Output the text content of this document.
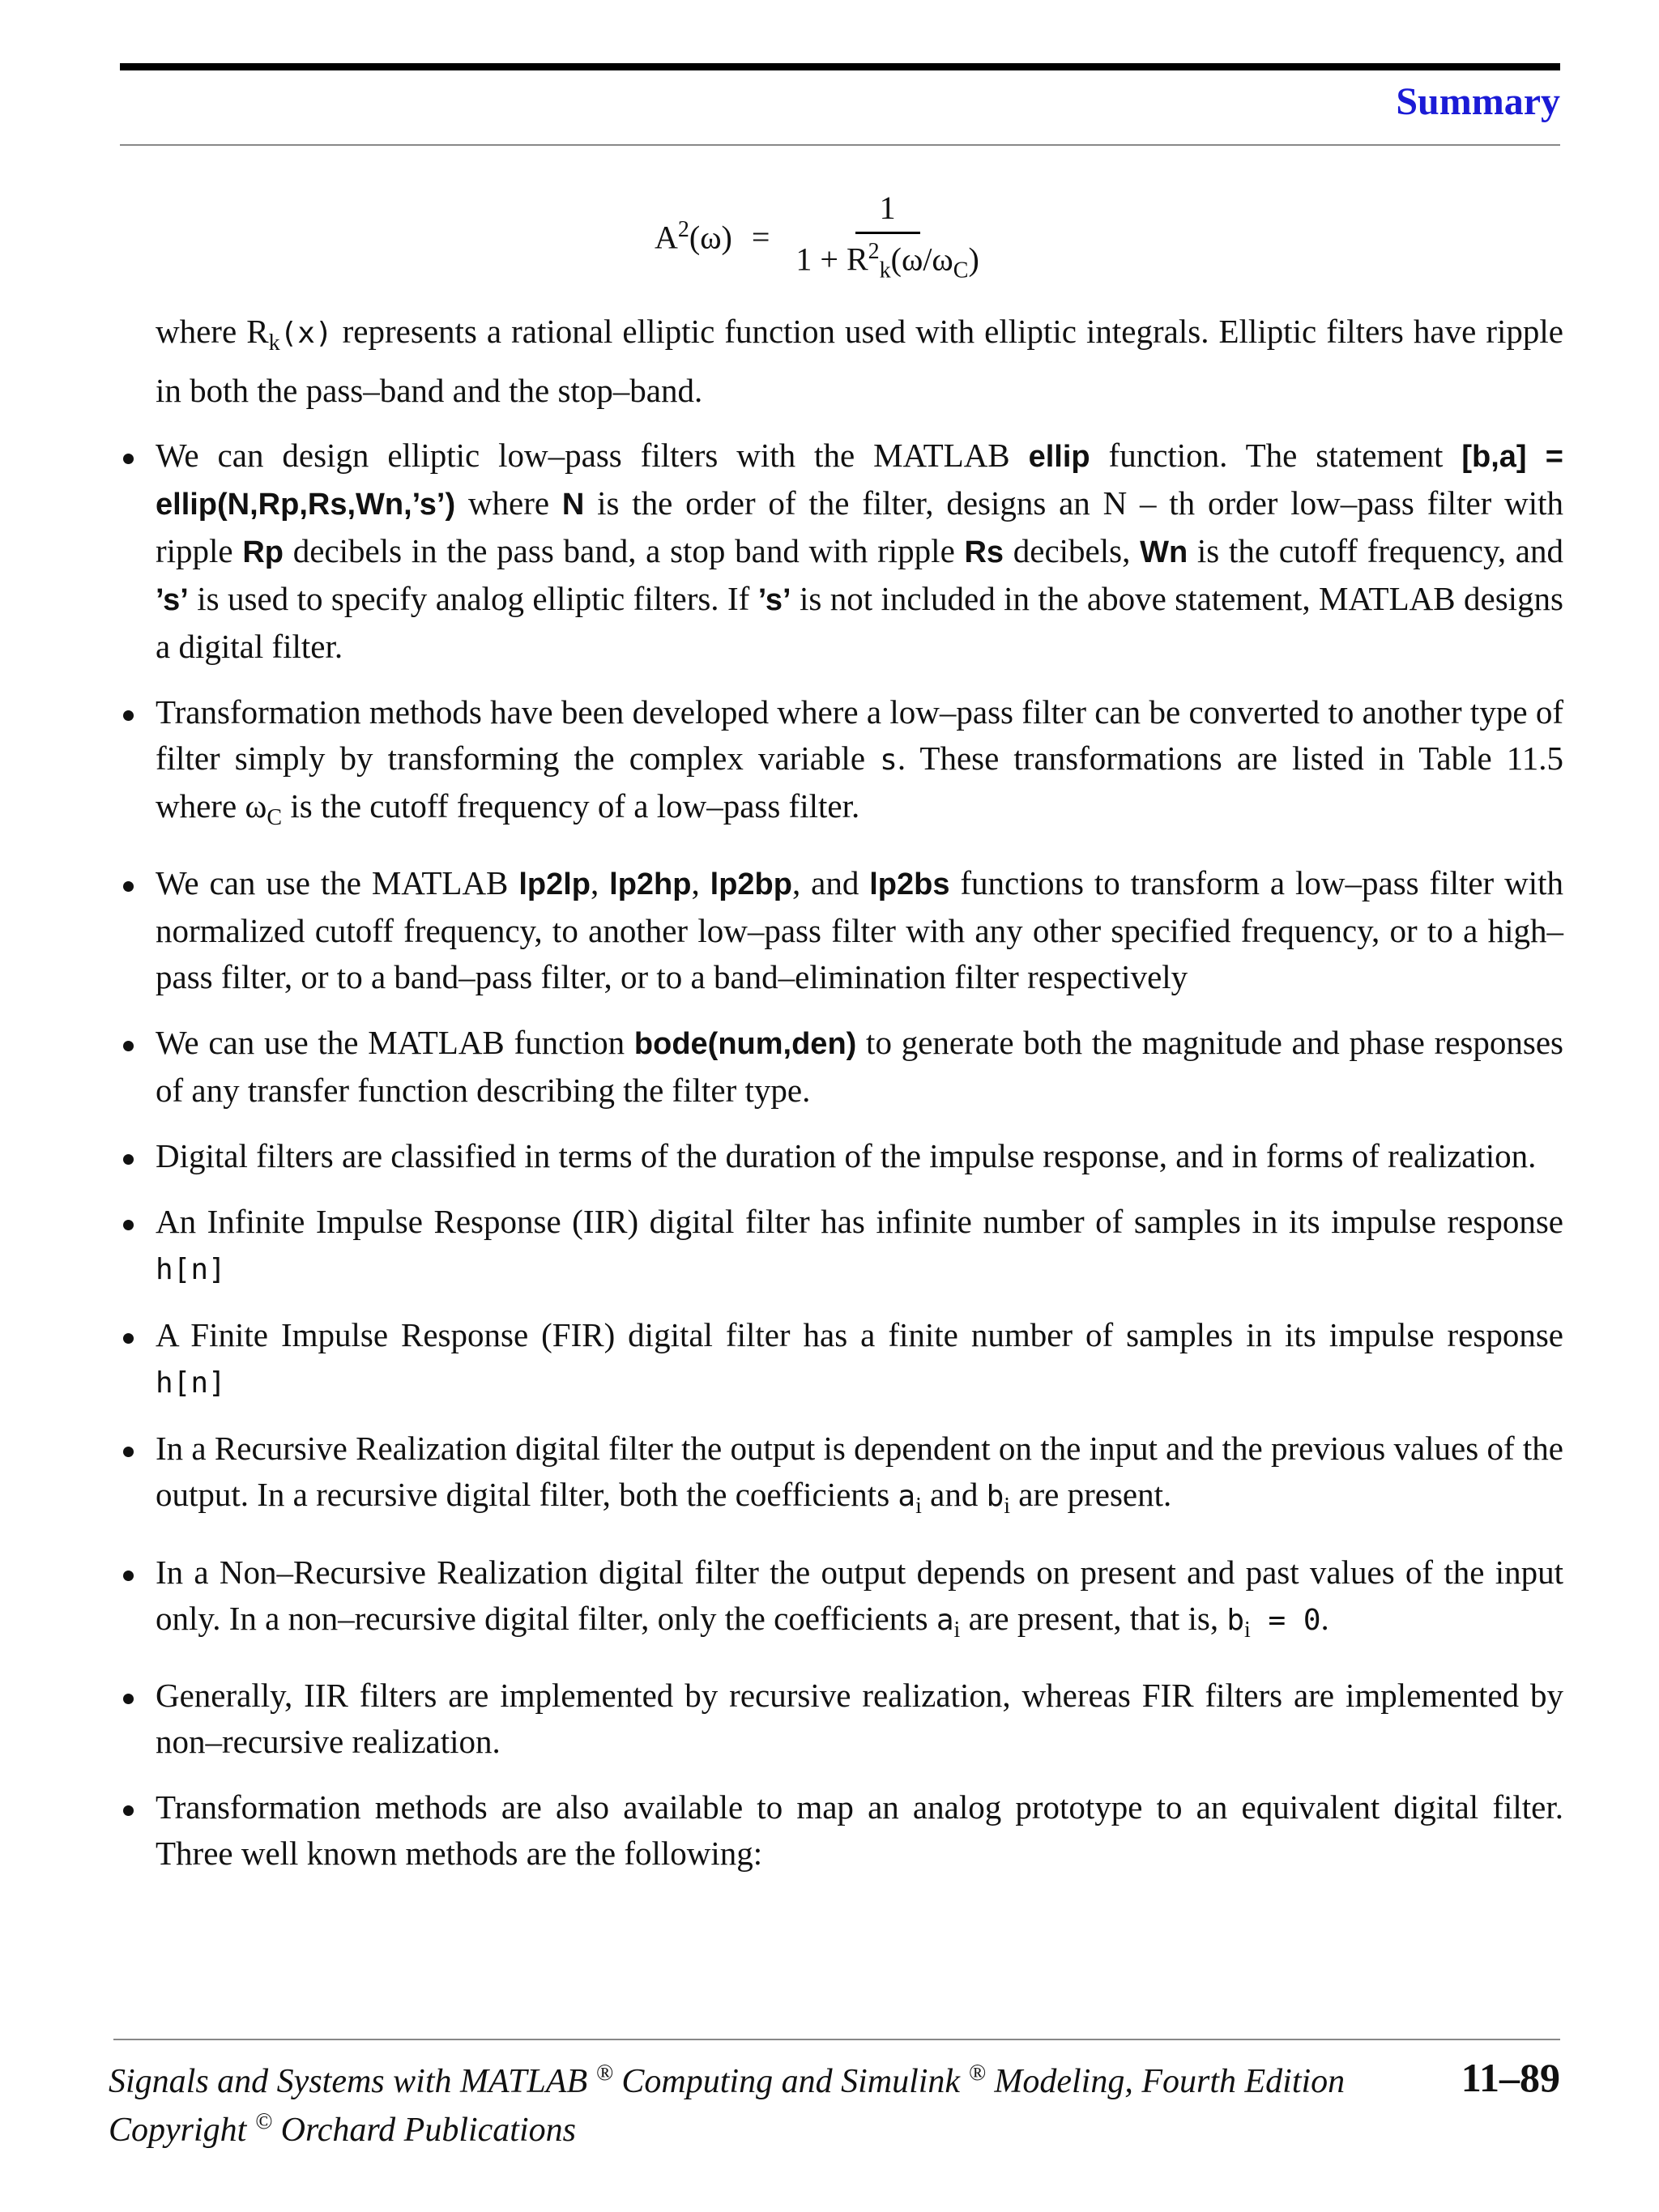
Summary
$A^2(\omega) = \frac{1}{1 + R^2_k(\omega/\omega_C)}$

where $R_k(x)$ represents a rational elliptic function used with elliptic integrals. Elliptic filters have ripple in both the pass–band and the stop–band.

We can design elliptic low–pass filters with the MATLAB ellip function. The statement [b,a] = ellip(N,Rp,Rs,Wn,’s’) where N is the order of the filter, designs an N – th order low–pass filter with ripple Rp decibels in the pass band, a stop band with ripple Rs decibels, Wn is the cutoff frequency, and ’s’ is used to specify analog elliptic filters. If ’s’ is not included in the above statement, MATLAB designs a digital filter.
Transformation methods have been developed where a low–pass filter can be converted to another type of filter simply by transforming the complex variable s. These transformations are listed in Table 11.5 where $\omega_C$ is the cutoff frequency of a low–pass filter.
We can use the MATLAB lp2lp, lp2hp, lp2bp, and lp2bs functions to transform a low–pass filter with normalized cutoff frequency, to another low–pass filter with any other specified frequency, or to a high–pass filter, or to a band–pass filter, or to a band–elimination filter respectively
We can use the MATLAB function bode(num,den) to generate both the magnitude and phase responses of any transfer function describing the filter type.
Digital filters are classified in terms of the duration of the impulse response, and in forms of realization.
An Infinite Impulse Response (IIR) digital filter has infinite number of samples in its impulse response h[n]
A Finite Impulse Response (FIR) digital filter has a finite number of samples in its impulse response h[n]
In a Recursive Realization digital filter the output is dependent on the input and the previous values of the output. In a recursive digital filter, both the coefficients $a_i$ and $b_i$ are present.
In a Non–Recursive Realization digital filter the output depends on present and past values of the input only. In a non–recursive digital filter, only the coefficients $a_i$ are present, that is, $b_i = 0$.
Generally, IIR filters are implemented by recursive realization, whereas FIR filters are implemented by non–recursive realization.
Transformation methods are also available to map an analog prototype to an equivalent digital filter. Three well known methods are the following:
Signals and Systems with MATLAB ® Computing and Simulink ® Modeling, Fourth Edition	11–89
Copyright © Orchard Publications
